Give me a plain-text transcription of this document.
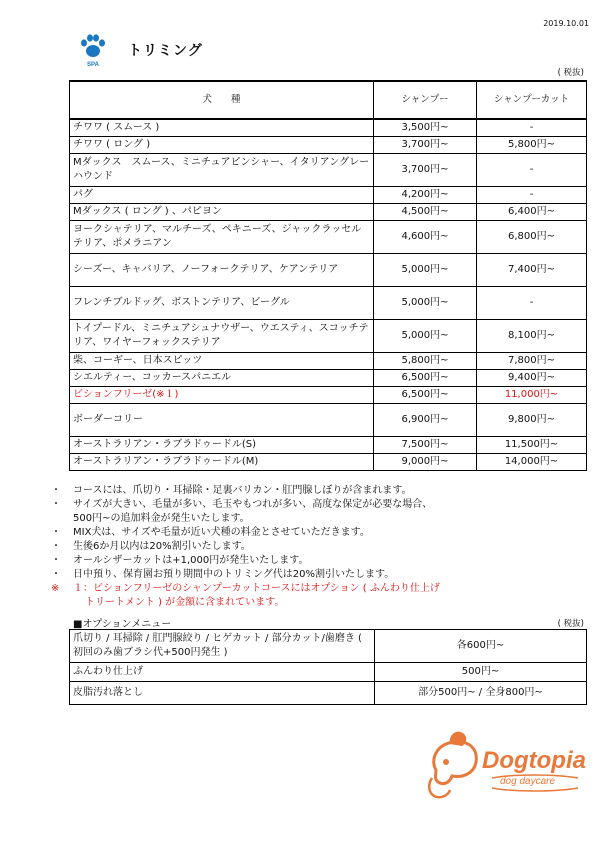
2019.10.01
SPA
トリミング
( 税抜)
犬　　種	シャンプー	シャンプーカット
チワワ ( スムース )	3,500円~	-
チワワ ( ロング )	3,700円~	5,800円~
Mダックス　スムース、ミニチュアピンシャー、イタリアングレーハウンド	3,700円~	-
パグ	4,200円~	-
Mダックス ( ロング ) 、パピヨン	4,500円~	6,400円~
ヨークシャテリア、マルチーズ、ペキニーズ、ジャックラッセルテリア、ポメラニアン	4,600円~	6,800円~
シーズー、キャバリア、ノーフォークテリア、ケアンテリア	5,000円~	7,400円~
フレンチブルドッグ、ボストンテリア、ビーグル	5,000円~	-
トイプードル、ミニチュアシュナウザー、ウエスティ、スコッチテリア、ワイヤーフォックステリア	5,000円~	8,100円~
柴、コーギー、日本スピッツ	5,800円~	7,800円~
シエルティー、コッカースパニエル	6,500円~	9,400円~
ビションフリーゼ(※１)	6,500円~	11,000円~
ボーダーコリー	6,900円~	9,800円~
オーストラリアン・ラブラドゥードル(S)	7,500円~	11,500円~
オーストラリアン・ラブラドゥードル(M)	9,000円~	14,000円~
・ コースには、爪切り・耳掃除・足裏バリカン・肛門腺しぼりが含まれます。
・ サイズが大きい、毛量が多い、毛玉やもつれが多い、高度な保定が必要な場合、
500円~の追加料金が発生いたします。
・ MIX犬は、サイズや毛量が近い犬種の料金とさせていただきます。
・ 生後6か月以内は20%割引いたします。
・ オールシザーカットは+1,000円が発生いたします。
・ 日中預り、保育園お預り期間中のトリミング代は20%割引いたします。
※ １：ビションフリーゼのシャンプーカットコースにはオプション ( ふんわり仕上げ
トリートメント ) が金額に含まれています。
■オプションメニュー	( 税抜)
爪切り / 耳掃除 / 肛門腺絞り / ヒゲカット / 部分カット/歯磨き ( 初回のみ歯ブラシ代+500円発生 )	各600円~
ふんわり仕上げ	500円~
皮脂汚れ落とし	部分500円~ / 全身800円~
Dogtopia
dog daycare
